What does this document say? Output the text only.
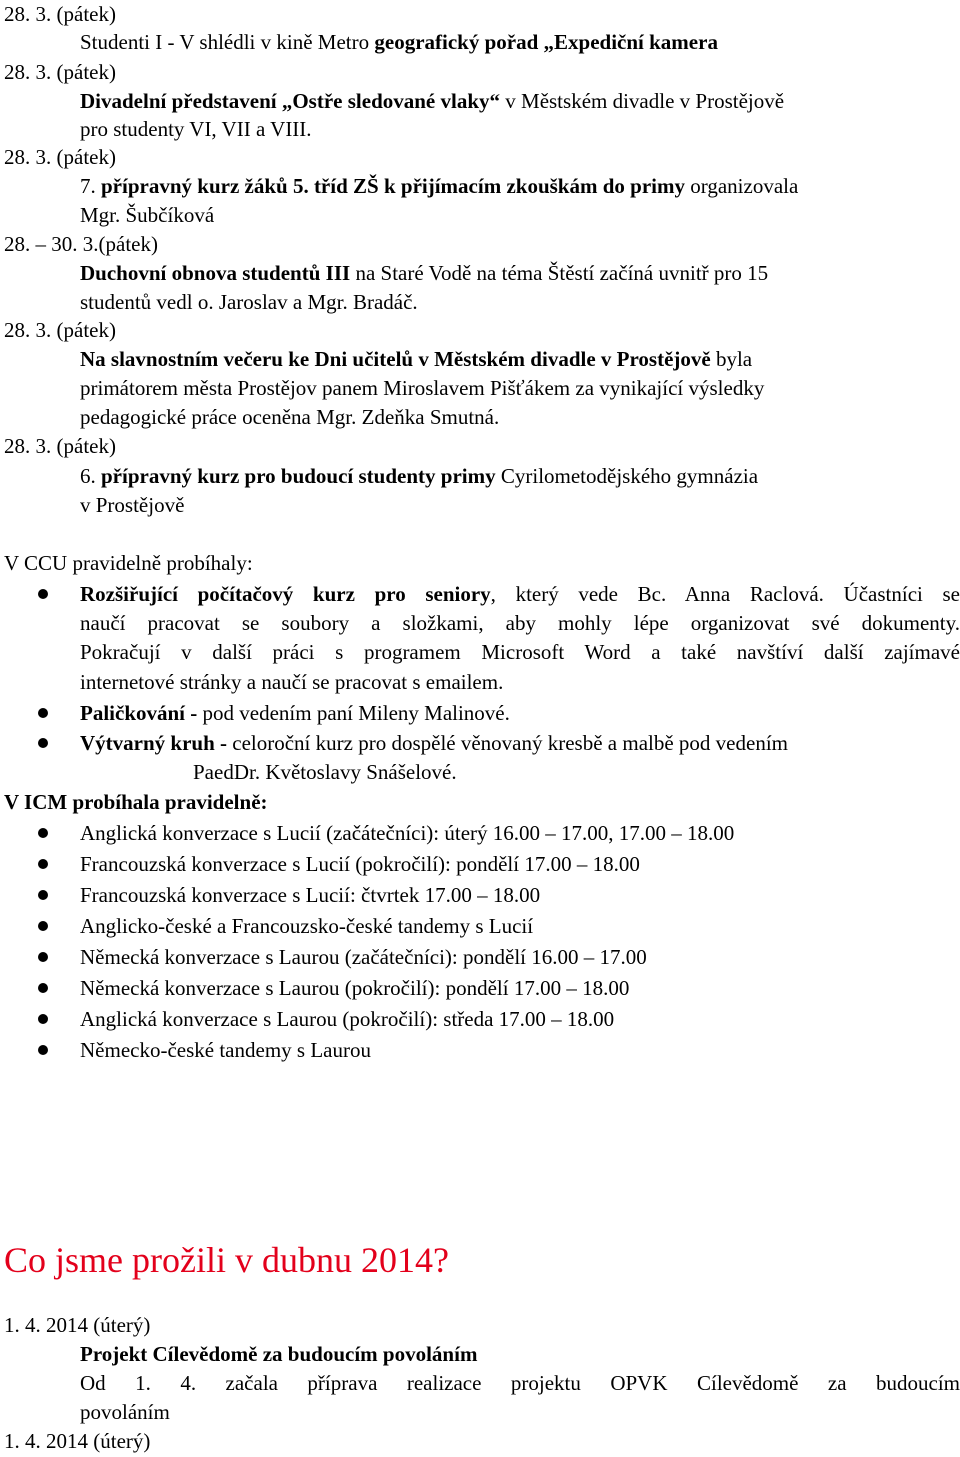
28. 3. (pátek)
Studenti I - V shlédli v kině Metro geografický pořad „Expediční kamera
28. 3. (pátek)
Divadelní představení „Ostře sledované vlaky“ v Městském divadle v Prostějově
pro studenty VI, VII a VIII.
28. 3. (pátek)
7. přípravný kurz žáků 5. tříd ZŠ k přijímacím zkouškám do primy organizovala
Mgr. Šubčíková
28. – 30. 3.(pátek)
Duchovní obnova studentů III na Staré Vodě na téma Štěstí začíná uvnitř pro 15
studentů vedl o. Jaroslav a Mgr. Bradáč.
28. 3. (pátek)
Na slavnostním večeru ke Dni učitelů v Městském divadle v Prostějově byla
primátorem města Prostějov panem Miroslavem Pišťákem za vynikající výsledky
pedagogické práce oceněna Mgr. Zdeňka Smutná.
28. 3. (pátek)
6. přípravný kurz pro budoucí studenty primy Cyrilometodějského gymnázia
v Prostějově
V CCU pravidelně probíhaly:
Rozšiřující počítačový kurz pro seniory, který vede Bc. Anna Raclová. Účastníci se
naučí pracovat se soubory a složkami, aby mohly lépe organizovat své dokumenty.
Pokračují v další práci s programem Microsoft Word a také navštíví další zajímavé
internetové stránky a naučí se pracovat s emailem.
Paličkování - pod vedením paní Mileny Malinové.
Výtvarný kruh - celoroční kurz pro dospělé věnovaný kresbě a malbě pod vedením
PaedDr. Květoslavy Snášelové.
V ICM probíhala pravidelně:
Anglická konverzace s Lucií (začátečníci): úterý 16.00 – 17.00, 17.00 – 18.00
Francouzská konverzace s Lucií (pokročilí): pondělí 17.00 – 18.00
Francouzská konverzace s Lucií: čtvrtek 17.00 – 18.00
Anglicko-české a Francouzsko-české tandemy s Lucií
Německá konverzace s Laurou (začátečníci): pondělí 16.00 – 17.00
Německá konverzace s Laurou (pokročilí): pondělí 17.00 – 18.00
Anglická konverzace s Laurou (pokročilí): středa 17.00 – 18.00
Německo-české tandemy s Laurou
Co jsme prožili v dubnu 2014?
1. 4. 2014 (úterý)
Projekt Cílevědomě za budoucím povoláním
Od 1. 4. začala příprava realizace projektu OPVK Cílevědomě za budoucím
povoláním
1. 4. 2014 (úterý)
